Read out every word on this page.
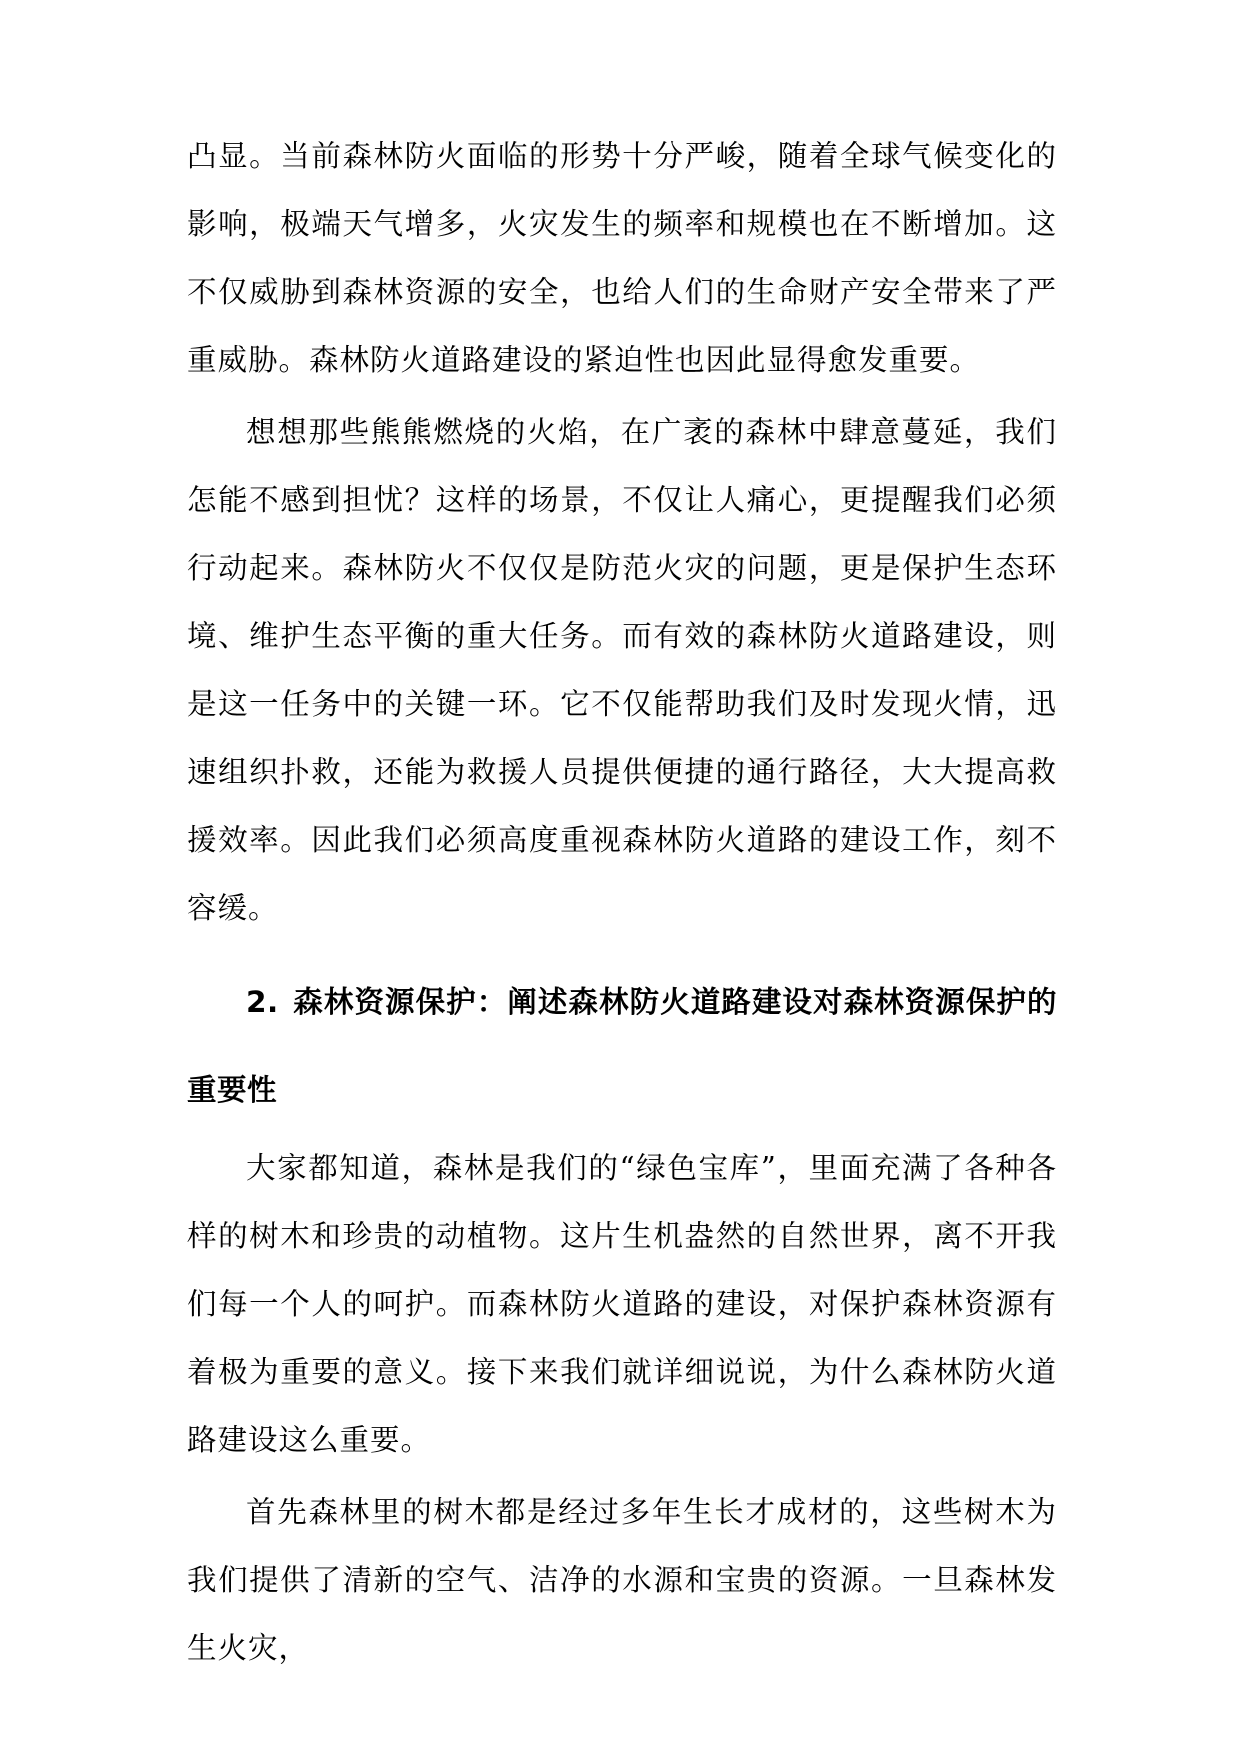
凸显。当前森林防火面临的形势十分严峻，随着全球气候变化的影响，极端天气增多，火灾发生的频率和规模也在不断增加。这不仅威胁到森林资源的安全，也给人们的生命财产安全带来了严重威胁。森林防火道路建设的紧迫性也因此显得愈发重要。

想想那些熊熊燃烧的火焰，在广袤的森林中肆意蔓延，我们怎能不感到担忧？这样的场景，不仅让人痛心，更提醒我们必须行动起来。森林防火不仅仅是防范火灾的问题，更是保护生态环境、维护生态平衡的重大任务。而有效的森林防火道路建设，则是这一任务中的关键一环。它不仅能帮助我们及时发现火情，迅速组织扑救，还能为救援人员提供便捷的通行路径，大大提高救援效率。因此我们必须高度重视森林防火道路的建设工作，刻不容缓。

2. 森林资源保护：阐述森林防火道路建设对森林资源保护的重要性

大家都知道，森林是我们的“绿色宝库”，里面充满了各种各样的树木和珍贵的动植物。这片生机盎然的自然世界，离不开我们每一个人的呵护。而森林防火道路的建设，对保护森林资源有着极为重要的意义。接下来我们就详细说说，为什么森林防火道路建设这么重要。

首先森林里的树木都是经过多年生长才成材的，这些树木为我们提供了清新的空气、洁净的水源和宝贵的资源。一旦森林发生火灾，
